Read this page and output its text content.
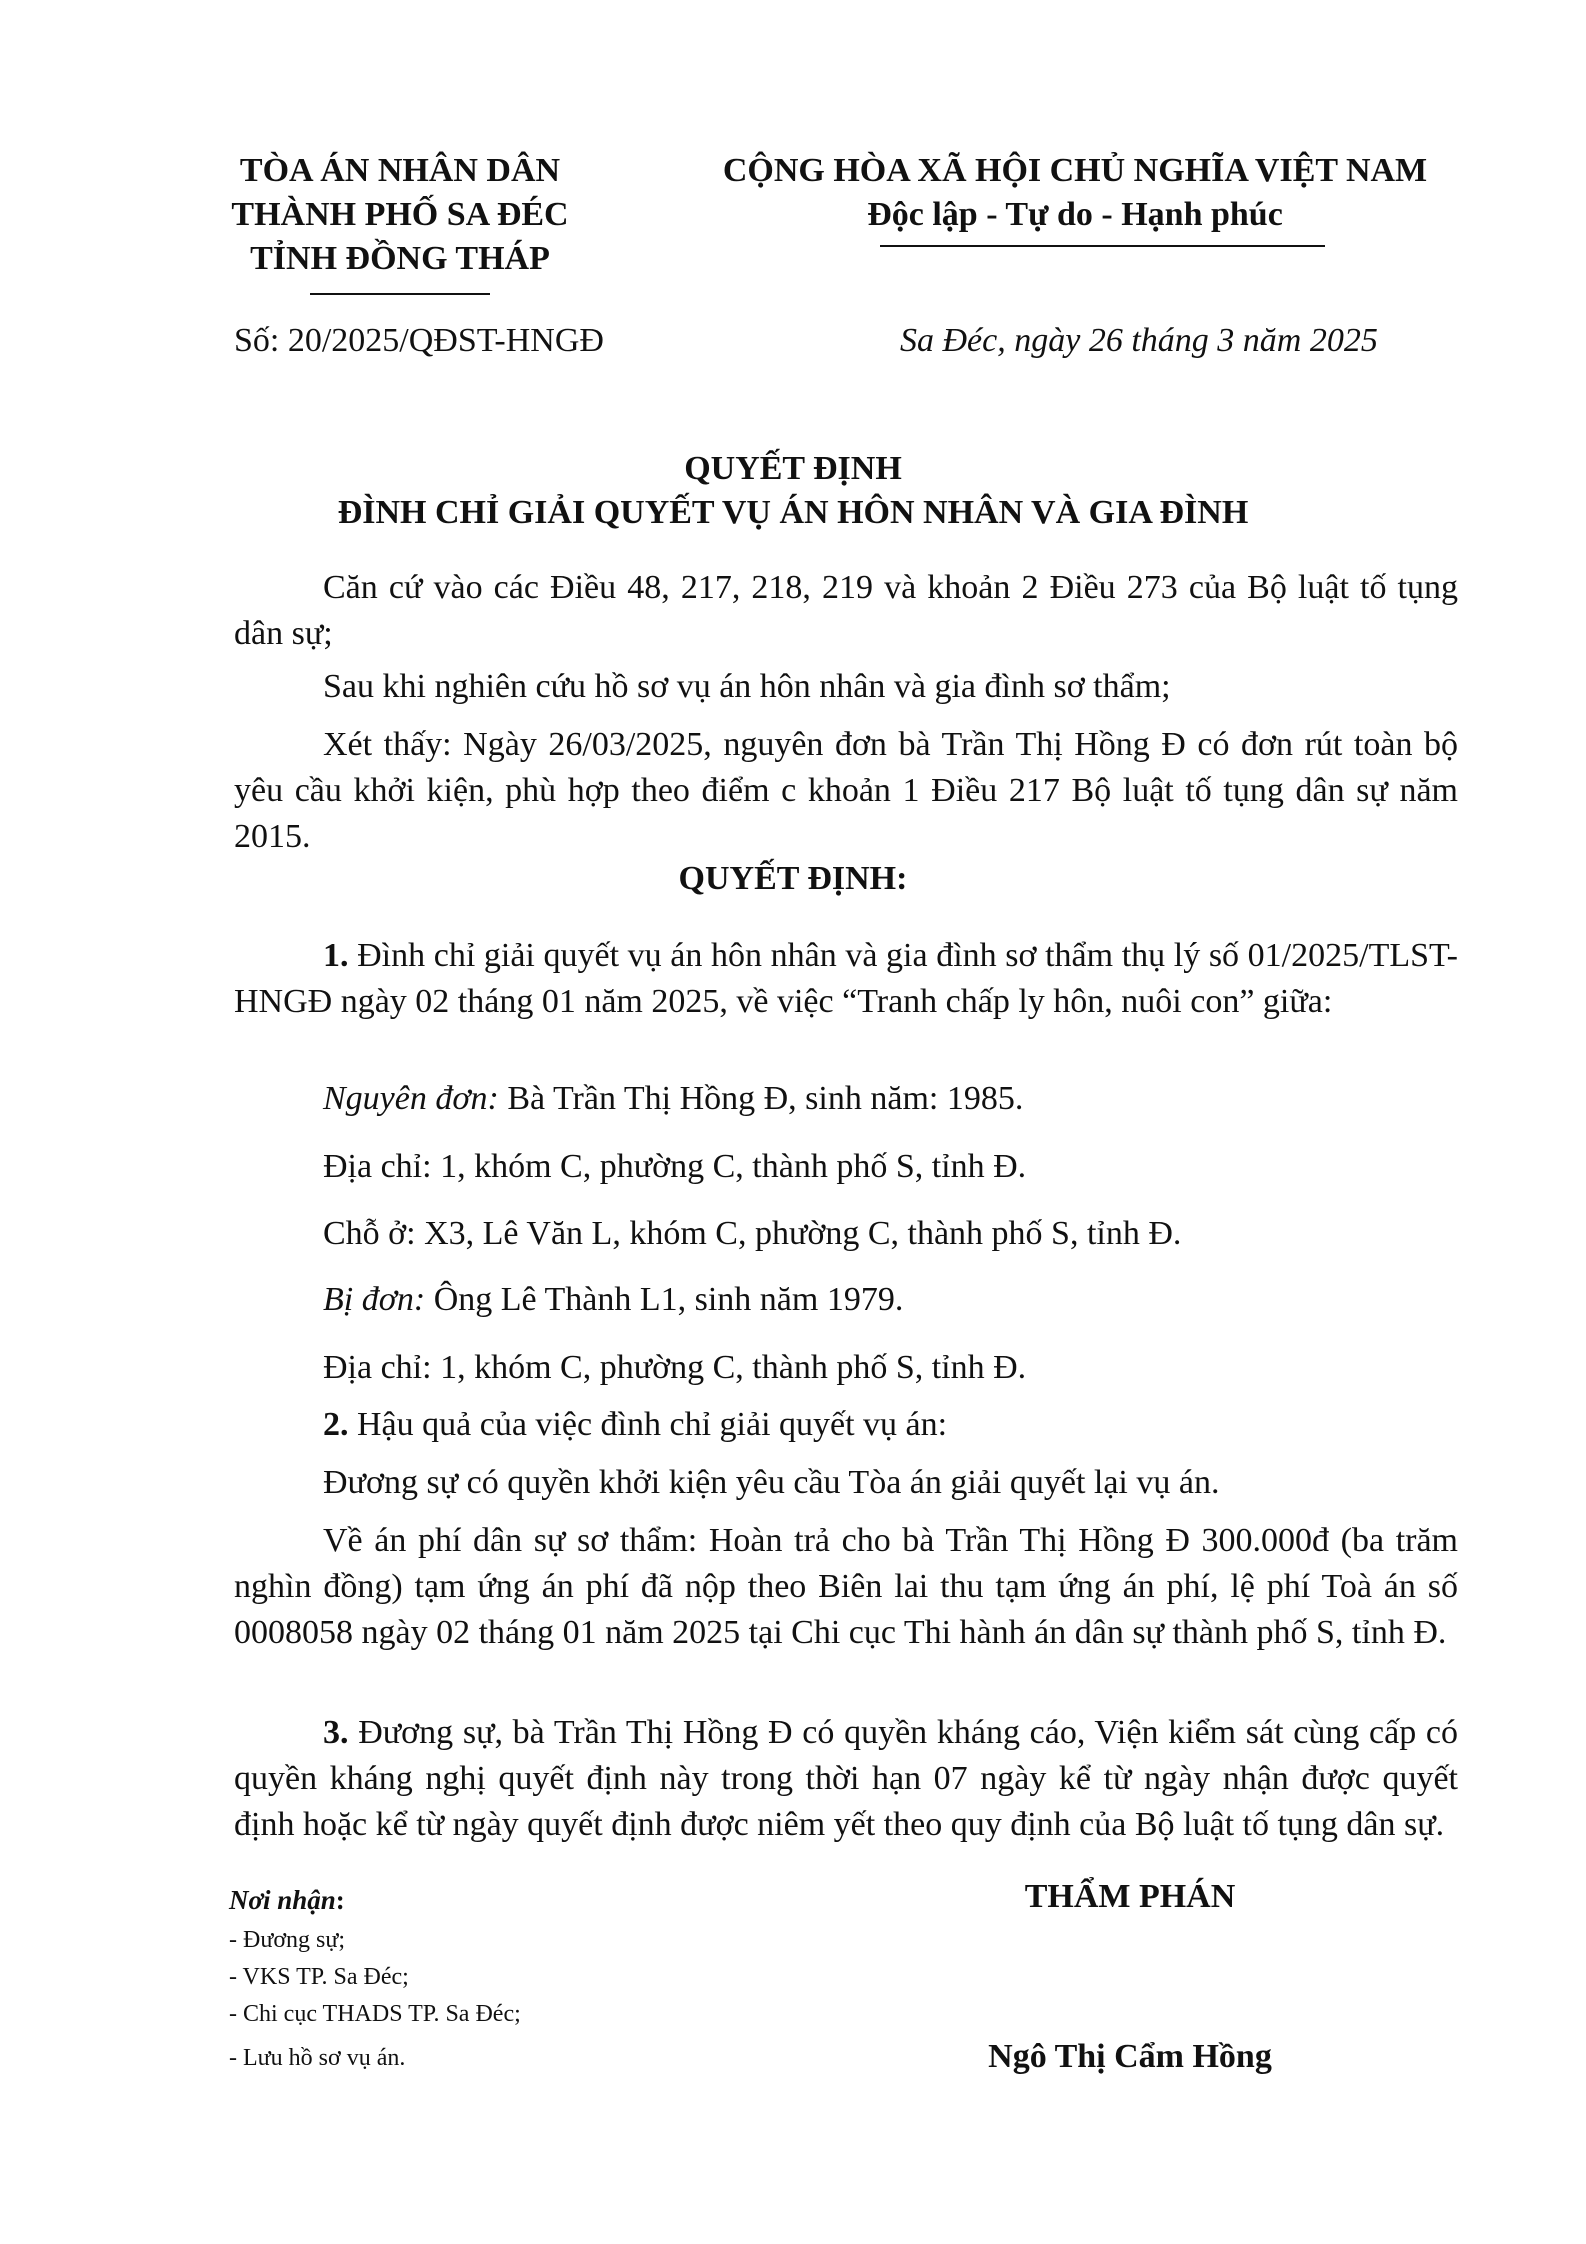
TÒA ÁN NHÂN DÂN
THÀNH PHỐ SA ĐÉC
TỈNH ĐỒNG THÁP
CỘNG HÒA XÃ HỘI CHỦ NGHĨA VIỆT NAM
Độc lập - Tự do - Hạnh phúc
Số: 20/2025/QĐST-HNGĐ	Sa Đéc, ngày 26 tháng 3 năm 2025
QUYẾT ĐỊNH
ĐÌNH CHỈ GIẢI QUYẾT VỤ ÁN HÔN NHÂN VÀ GIA ĐÌNH
Căn cứ vào các Điều 48, 217, 218, 219 và khoản 2 Điều 273 của Bộ luật tố tụng dân sự;
Sau khi nghiên cứu hồ sơ vụ án hôn nhân và gia đình sơ thẩm;
Xét thấy: Ngày 26/03/2025, nguyên đơn bà Trần Thị Hồng Đ có đơn rút toàn bộ yêu cầu khởi kiện, phù hợp theo điểm c khoản 1 Điều 217 Bộ luật tố tụng dân sự năm 2015.
QUYẾT ĐỊNH:
1. Đình chỉ giải quyết vụ án hôn nhân và gia đình sơ thẩm thụ lý số 01/2025/TLST-HNGĐ ngày 02 tháng 01 năm 2025, về việc “Tranh chấp ly hôn, nuôi con” giữa:
Nguyên đơn: Bà Trần Thị Hồng Đ, sinh năm: 1985.
Địa chỉ: 1, khóm C, phường C, thành phố S, tỉnh Đ.
Chỗ ở: X3, Lê Văn L, khóm C, phường C, thành phố S, tỉnh Đ.
Bị đơn: Ông Lê Thành L1, sinh năm 1979.
Địa chỉ: 1, khóm C, phường C, thành phố S, tỉnh Đ.
2. Hậu quả của việc đình chỉ giải quyết vụ án:
Đương sự có quyền khởi kiện yêu cầu Tòa án giải quyết lại vụ án.
Về án phí dân sự sơ thẩm: Hoàn trả cho bà Trần Thị Hồng Đ 300.000đ (ba trăm nghìn đồng) tạm ứng án phí đã nộp theo Biên lai thu tạm ứng án phí, lệ phí Toà án số 0008058 ngày 02 tháng 01 năm 2025 tại Chi cục Thi hành án dân sự thành phố S, tỉnh Đ.
3. Đương sự, bà Trần Thị Hồng Đ có quyền kháng cáo, Viện kiểm sát cùng cấp có quyền kháng nghị quyết định này trong thời hạn 07 ngày kể từ ngày nhận được quyết định hoặc kể từ ngày quyết định được niêm yết theo quy định của Bộ luật tố tụng dân sự.
Nơi nhận:
- Đương sự;
- VKS TP. Sa Đéc;
- Chi cục THADS TP. Sa Đéc;
- Lưu hồ sơ vụ án.
THẨM PHÁN
Ngô Thị Cẩm Hồng
